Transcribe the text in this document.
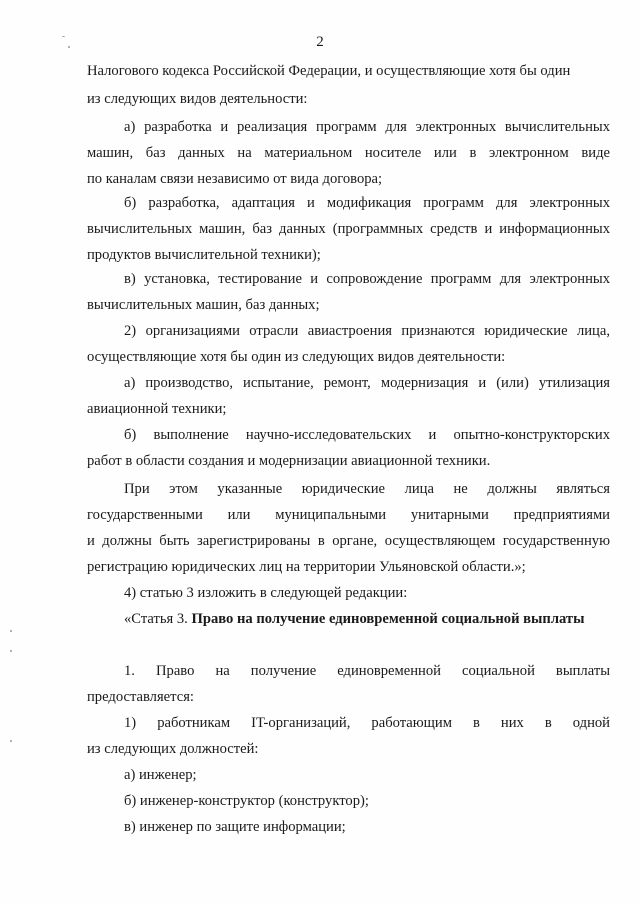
2
Налогового кодекса Российской Федерации, и осуществляющие хотя бы один
из следующих видов деятельности:
а) разработка и реализация программ для электронных вычислительных
машин, баз данных на материальном носителе или в электронном виде
по каналам связи независимо от вида договора;
б) разработка, адаптация и модификация программ для электронных
вычислительных машин, баз данных (программных средств и информационных
продуктов вычислительной техники);
в) установка, тестирование и сопровождение программ для электронных
вычислительных машин, баз данных;
2) организациями отрасли авиастроения признаются юридические лица,
осуществляющие хотя бы один из следующих видов деятельности:
а) производство, испытание, ремонт, модернизация и (или) утилизация
авиационной техники;
б) выполнение научно-исследовательских и опытно-конструкторских
работ в области создания и модернизации авиационной техники.
При этом указанные юридические лица не должны являться
государственными или муниципальными унитарными предприятиями
и должны быть зарегистрированы в органе, осуществляющем государственную
регистрацию юридических лиц на территории Ульяновской области.»;
4) статью 3 изложить в следующей редакции:
«Статья 3. Право на получение единовременной социальной выплаты
1. Право на получение единовременной социальной выплаты
предоставляется:
1) работникам IT-организаций, работающим в них в одной
из следующих должностей:
а) инженер;
б) инженер-конструктор (конструктор);
в) инженер по защите информации;
